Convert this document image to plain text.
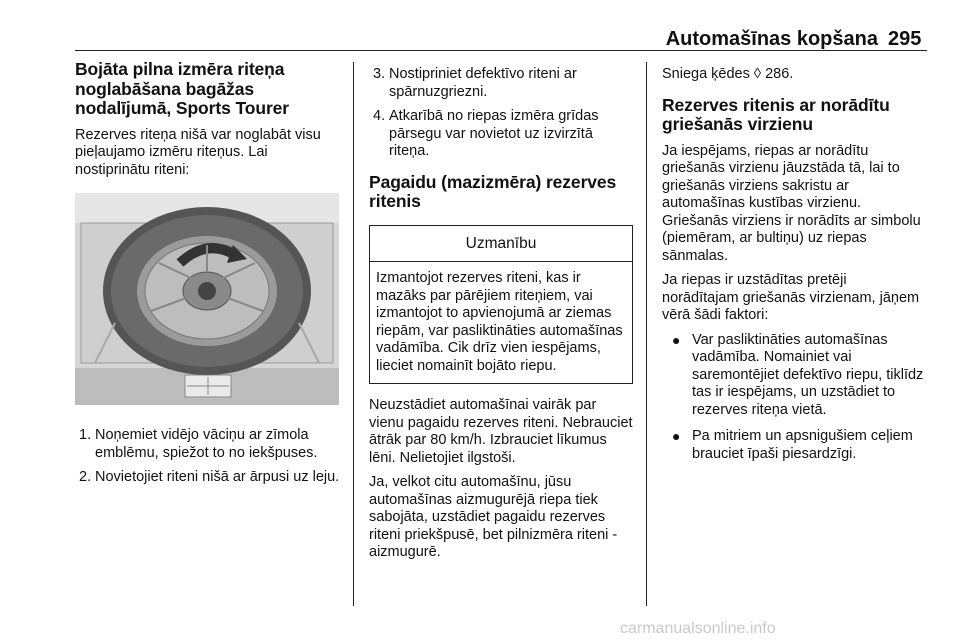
Automašīnas kopšana 295
Bojāta pilna izmēra riteņa noglabāšana bagāžas nodalījumā, Sports Tourer

Rezerves riteņa nišā var noglabāt visu pieļaujamo izmēru riteņus. Lai nostiprinātu riteni:

1. Noņemiet vidējo vāciņu ar zīmola emblēmu, spiežot to no iekšpuses.
2. Novietojiet riteni nišā ar ārpusi uz leju.
3. Nostipriniet defektīvo riteni ar spārnuzgriezni.
4. Atkarībā no riepas izmēra grīdas pārsegu var novietot uz izvirzītā riteņa.
Pagaidu (mazizmēra) rezerves ritenis
Uzmanību
Izmantojot rezerves riteni, kas ir mazāks par pārējiem riteņiem, vai izmantojot to apvienojumā ar ziemas riepām, var pasliktināties automašīnas vadāmība. Cik drīz vien iespējams, lieciet nomainīt bojāto riepu.

Neuzstādiet automašīnai vairāk par vienu pagaidu rezerves riteni. Nebrauciet ātrāk par 80 km/h. Izbrauciet līkumus lēni. Nelietojiet ilgstoši.

Ja, velkot citu automašīnu, jūsu automašīnas aizmugurējā riepa tiek sabojāta, uzstādiet pagaidu rezerves riteni priekšpusē, bet pilnizmēra riteni - aizmugurē.

Sniega ķēdes ◊ 286.

Rezerves ritenis ar norādītu griešanās virzienu

Ja iespējams, riepas ar norādītu griešanās virzienu jāuzstāda tā, lai to griešanās virziens sakristu ar automašīnas kustības virzienu. Griešanās virziens ir norādīts ar simbolu (piemēram, ar bultiņu) uz riepas sānmalas.

Ja riepas ir uzstādītas pretēji norādītajam griešanās virzienam, jāņem vērā šādi faktori:

● Var pasliktināties automašīnas vadāmība. Nomainiet vai saremontējiet defektīvo riepu, tiklīdz tas ir iespējams, un uzstādiet to rezerves riteņa vietā.
● Pa mitriem un apsnigušiem ceļiem brauciet īpaši piesardzīgi.
carmanualsonline.info
